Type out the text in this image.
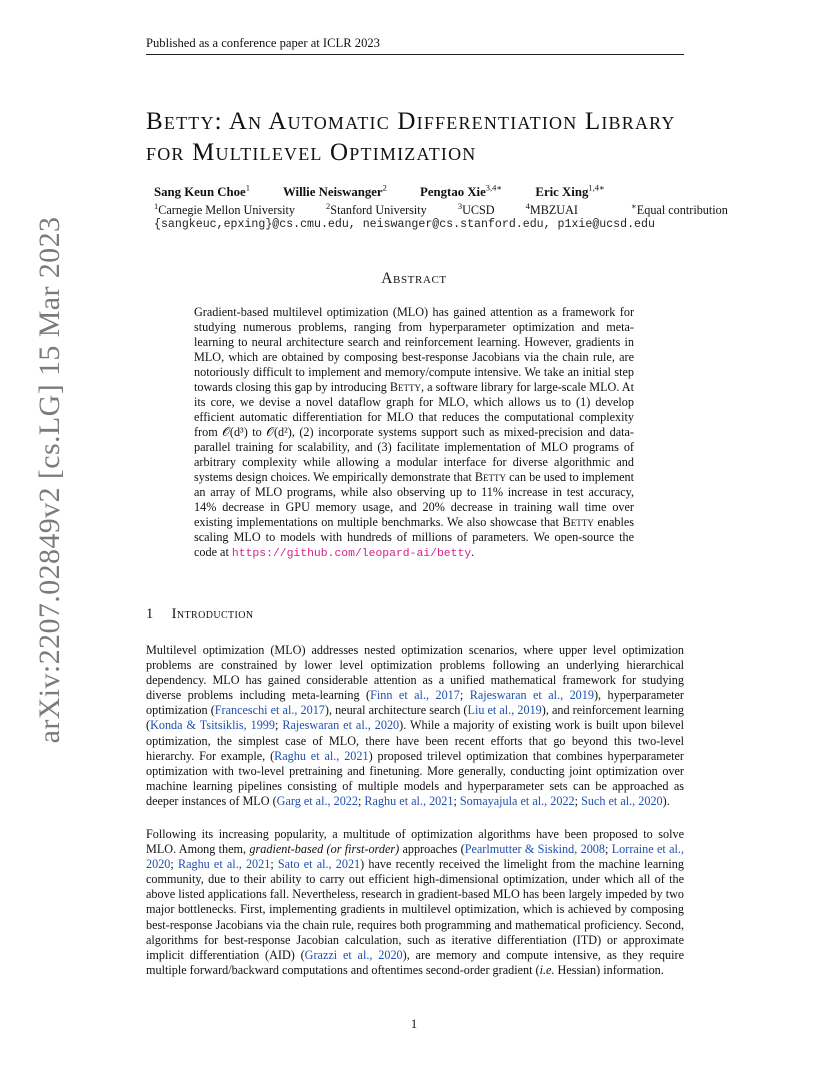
Published as a conference paper at ICLR 2023
arXiv:2207.02849v2 [cs.LG] 15 Mar 2023
Betty: An Automatic Differentiation Library
for Multilevel Optimization
Sang Keun Choe$^1$	Willie Neiswanger$^2$	Pengtao Xie$^{3,4∗}$	Eric Xing$^{1,4∗}$
$^1$Carnegie Mellon University	$^2$Stanford University	$^3$UCSD	$^4$MBZUAI	∗Equal contribution
{sangkeuc,epxing}@cs.cmu.edu, neiswanger@cs.stanford.edu, p1xie@ucsd.edu
Abstract

Gradient-based multilevel optimization (MLO) has gained attention as a framework for studying numerous problems, ranging from hyperparameter optimization and meta-learning to neural architecture search and reinforcement learning. However, gradients in MLO, which are obtained by composing best-response Jacobians via the chain rule, are notoriously difficult to implement and memory/compute intensive. We take an initial step towards closing this gap by introducing Betty, a software library for large-scale MLO. At its core, we devise a novel dataflow graph for MLO, which allows us to (1) develop efficient automatic differentiation for MLO that reduces the computational complexity from 𝒪(d³) to 𝒪(d²), (2) incorporate systems support such as mixed-precision and data-parallel training for scalability, and (3) facilitate implementation of MLO programs of arbitrary complexity while allowing a modular interface for diverse algorithmic and systems design choices. We empirically demonstrate that Betty can be used to implement an array of MLO programs, while also observing up to 11% increase in test accuracy, 14% decrease in GPU memory usage, and 20% decrease in training wall time over existing implementations on multiple benchmarks. We also showcase that Betty enables scaling MLO to models with hundreds of millions of parameters. We open-source the code at https://github.com/leopard-ai/betty.

1 Introduction

Multilevel optimization (MLO) addresses nested optimization scenarios, where upper level optimization problems are constrained by lower level optimization problems following an underlying hierarchical dependency. MLO has gained considerable attention as a unified mathematical framework for studying diverse problems including meta-learning (Finn et al., 2017; Rajeswaran et al., 2019), hyperparameter optimization (Franceschi et al., 2017), neural architecture search (Liu et al., 2019), and reinforcement learning (Konda & Tsitsiklis, 1999; Rajeswaran et al., 2020). While a majority of existing work is built upon bilevel optimization, the simplest case of MLO, there have been recent efforts that go beyond this two-level hierarchy. For example, (Raghu et al., 2021) proposed trilevel optimization that combines hyperparameter optimization with two-level pretraining and finetuning. More generally, conducting joint optimization over machine learning pipelines consisting of multiple models and hyperparameter sets can be approached as deeper instances of MLO (Garg et al., 2022; Raghu et al., 2021; Somayajula et al., 2022; Such et al., 2020).

Following its increasing popularity, a multitude of optimization algorithms have been proposed to solve MLO. Among them, gradient-based (or first-order) approaches (Pearlmutter & Siskind, 2008; Lorraine et al., 2020; Raghu et al., 2021; Sato et al., 2021) have recently received the limelight from the machine learning community, due to their ability to carry out efficient high-dimensional optimization, under which all of the above listed applications fall. Nevertheless, research in gradient-based MLO has been largely impeded by two major bottlenecks. First, implementing gradients in multilevel optimization, which is achieved by composing best-response Jacobians via the chain rule, requires both programming and mathematical proficiency. Second, algorithms for best-response Jacobian calculation, such as iterative differentiation (ITD) or approximate implicit differentiation (AID) (Grazzi et al., 2020), are memory and compute intensive, as they require multiple forward/backward computations and oftentimes second-order gradient (i.e. Hessian) information.

1
